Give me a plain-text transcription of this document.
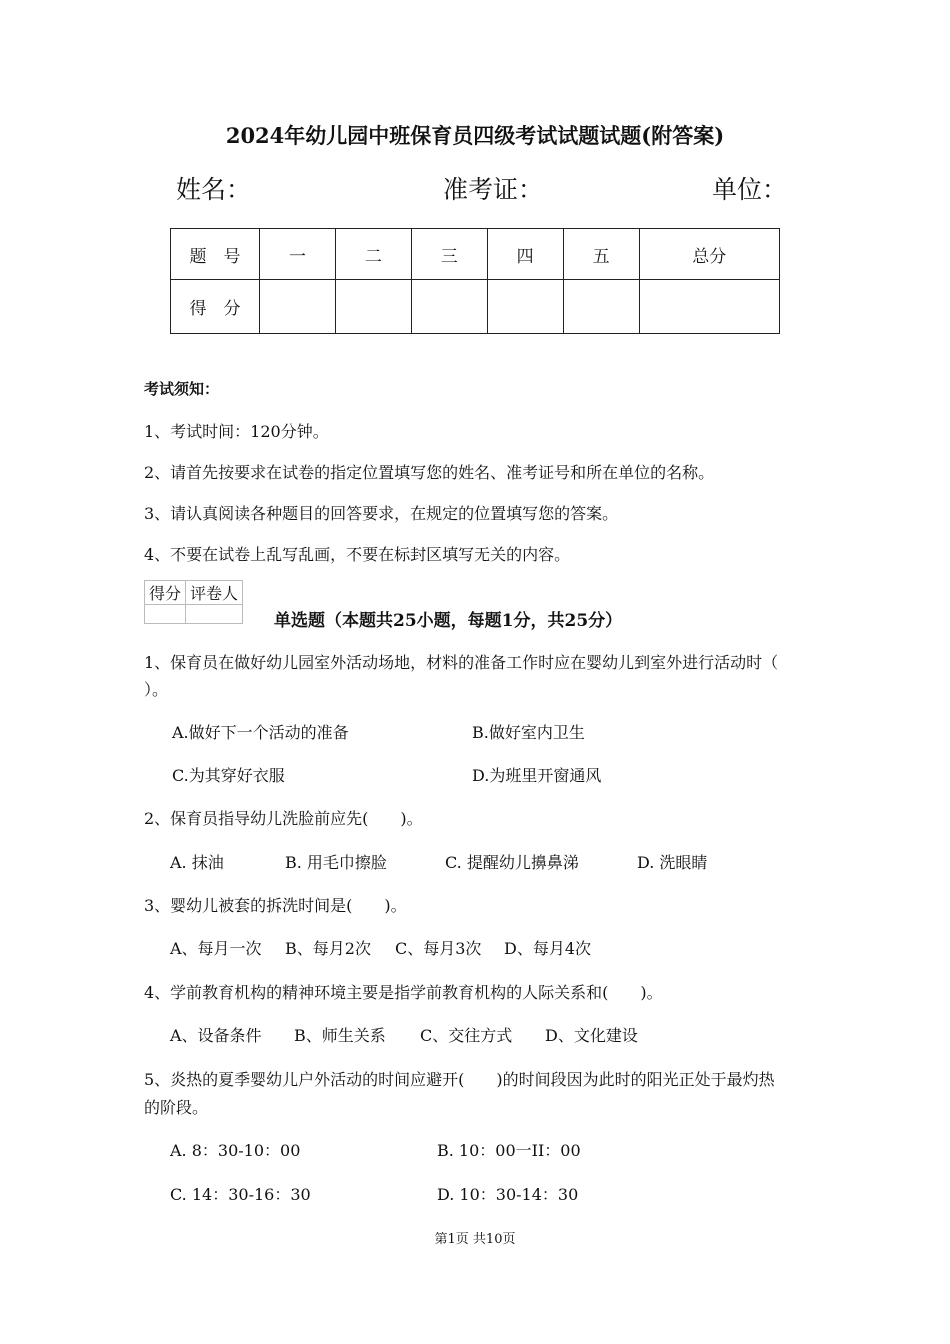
2024年幼儿园中班保育员四级考试试题试题(附答案)
姓名：	准考证：	单位：
题　号	一	二	三	四	五	总分
得　分						
考试须知：
1、考试时间：120分钟。
2、请首先按要求在试卷的指定位置填写您的姓名、准考证号和所在单位的名称。
3、请认真阅读各种题目的回答要求，在规定的位置填写您的答案。
4、不要在试卷上乱写乱画，不要在标封区填写无关的内容。
得分	评卷人

单选题（本题共25小题，每题1分，共25分）
1、保育员在做好幼儿园室外活动场地，材料的准备工作时应在婴幼儿到室外进行活动时（
）。
A.做好下一个活动的准备	B.做好室内卫生
C.为其穿好衣服	D.为班里开窗通风
2、保育员指导幼儿洗脸前应先(　　)。
A. 抹油	B. 用毛巾擦脸	C. 提醒幼儿擤鼻涕	D. 洗眼睛
3、婴幼儿被套的拆洗时间是(　　)。
A、每月一次 B、每月2次 C、每月3次 D、每月4次
4、学前教育机构的精神环境主要是指学前教育机构的人际关系和(　　)。
A、设备条件 B、师生关系 C、交往方式 D、文化建设
5、炎热的夏季婴幼儿户外活动的时间应避开(　　)的时间段因为此时的阳光正处于最灼热
的阶段。
A. 8：30-10：00	B. 10：00一II：00
C. 14：30-16：30	D. 10：30-14：30
第1页 共10页
